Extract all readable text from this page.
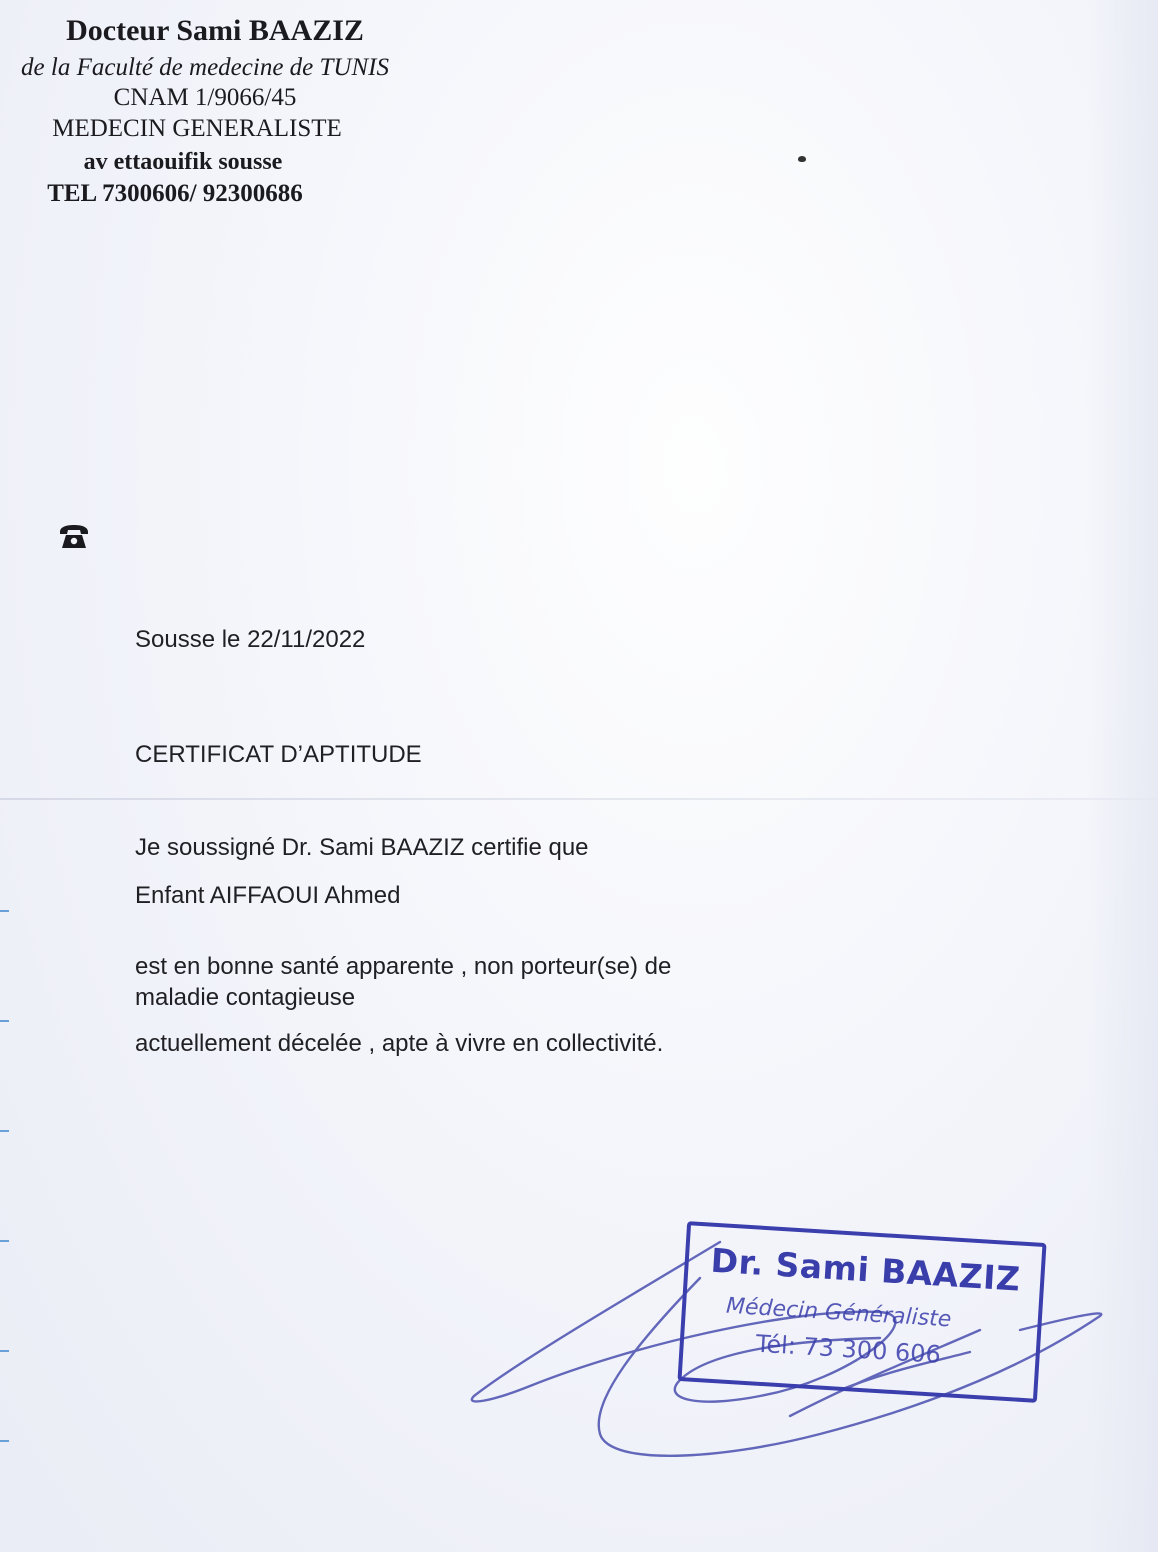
Docteur Sami BAAZIZ
de la Faculté de medecine de TUNIS
CNAM 1/9066/45
MEDECIN GENERALISTE
av ettaouifik sousse
TEL 7300606/ 92300686
Sousse le 22/11/2022
CERTIFICAT D’APTITUDE
Je soussigné Dr. Sami BAAZIZ certifie que
Enfant AIFFAOUI Ahmed
est en bonne santé apparente , non porteur(se) de
maladie contagieuse
actuellement décelée , apte à vivre en collectivité.
Dr. Sami BAAZIZ
Médecin Généraliste
Tél: 73 300 606
